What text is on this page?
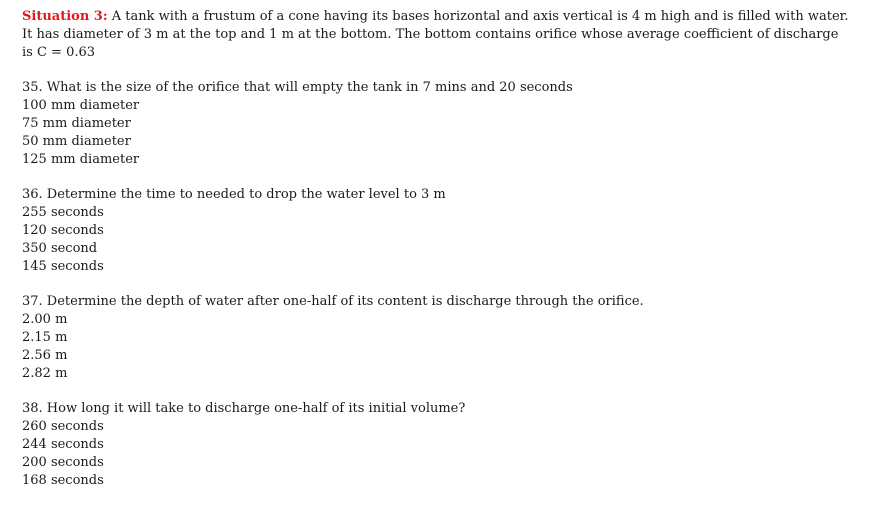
Situation 3: A tank with a frustum of a cone having its bases horizontal and axis vertical is 4 m high and is filled with water. It has diameter of 3 m at the top and 1 m at the bottom. The bottom contains orifice whose average coefficient of discharge is C = 0.63

35. What is the size of the orifice that will empty the tank in 7 mins and 20 seconds
100 mm diameter
75 mm diameter
50 mm diameter
125 mm diameter
36. Determine the time to needed to drop the water level to 3 m
255 seconds
120 seconds
350 second
145 seconds
37. Determine the depth of water after one-half of its content is discharge through the orifice.
2.00 m
2.15 m
2.56 m
2.82 m
38. How long it will take to discharge one-half of its initial volume?
260 seconds
244 seconds
200 seconds
168 seconds
